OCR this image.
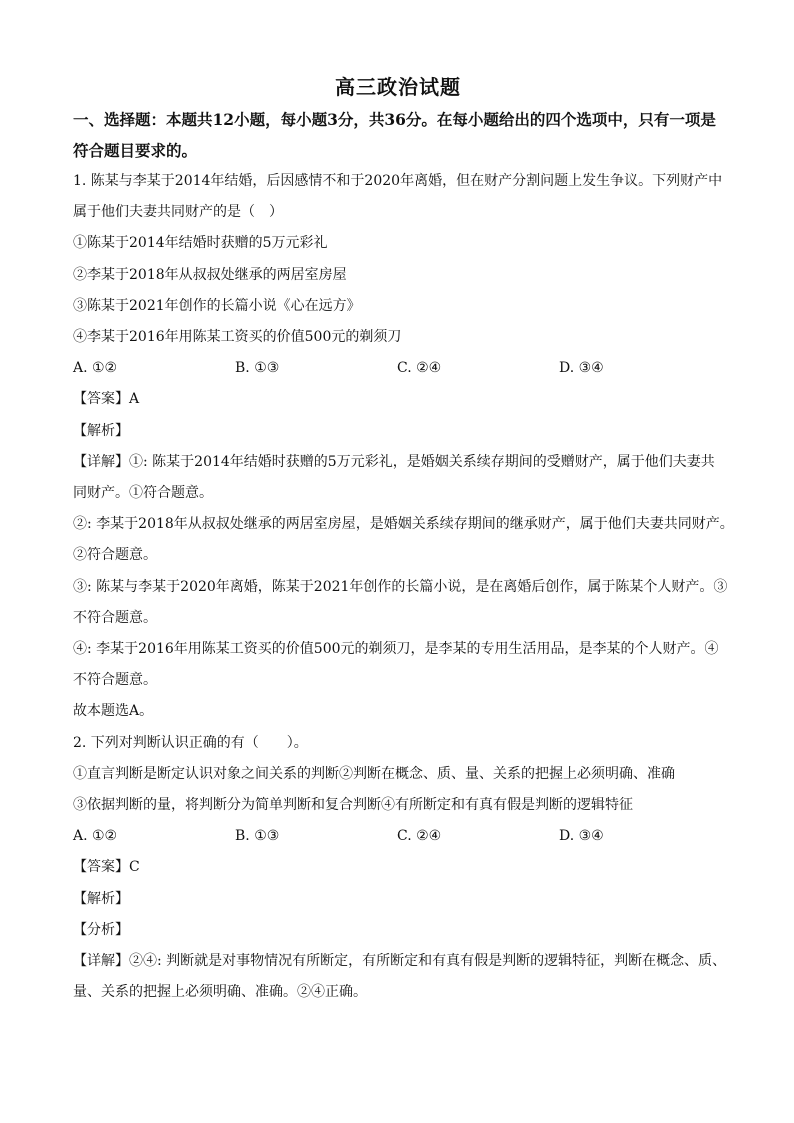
高三政治试题
一、选择题：本题共12小题，每小题3分，共36分。在每小题给出的四个选项中，只有一项是符合题目要求的。
1. 陈某与李某于2014年结婚，后因感情不和于2020年离婚，但在财产分割问题上发生争议。下列财产中
属于他们夫妻共同财产的是（　）
①陈某于2014年结婚时获赠的5万元彩礼
②李某于2018年从叔叔处继承的两居室房屋
③陈某于2021年创作的长篇小说《心在远方》
④李某于2016年用陈某工资买的价值500元的剃须刀
A. ①②	B. ①③	C. ②④	D. ③④
【答案】A
【解析】
【详解】①: 陈某于2014年结婚时获赠的5万元彩礼，是婚姻关系续存期间的受赠财产，属于他们夫妻共
同财产。①符合题意。
②: 李某于2018年从叔叔处继承的两居室房屋，是婚姻关系续存期间的继承财产，属于他们夫妻共同财产。
②符合题意。
③: 陈某与李某于2020年离婚，陈某于2021年创作的长篇小说，是在离婚后创作，属于陈某个人财产。③
不符合题意。
④: 李某于2016年用陈某工资买的价值500元的剃须刀，是李某的专用生活用品，是李某的个人财产。④
不符合题意。
故本题选A。
2. 下列对判断认识正确的有（　　）。
①直言判断是断定认识对象之间关系的判断②判断在概念、质、量、关系的把握上必须明确、准确
③依据判断的量，将判断分为简单判断和复合判断④有所断定和有真有假是判断的逻辑特征
A. ①②	B. ①③	C. ②④	D. ③④
【答案】C
【解析】
【分析】
【详解】②④: 判断就是对事物情况有所断定，有所断定和有真有假是判断的逻辑特征，判断在概念、质、
量、关系的把握上必须明确、准确。②④正确。
